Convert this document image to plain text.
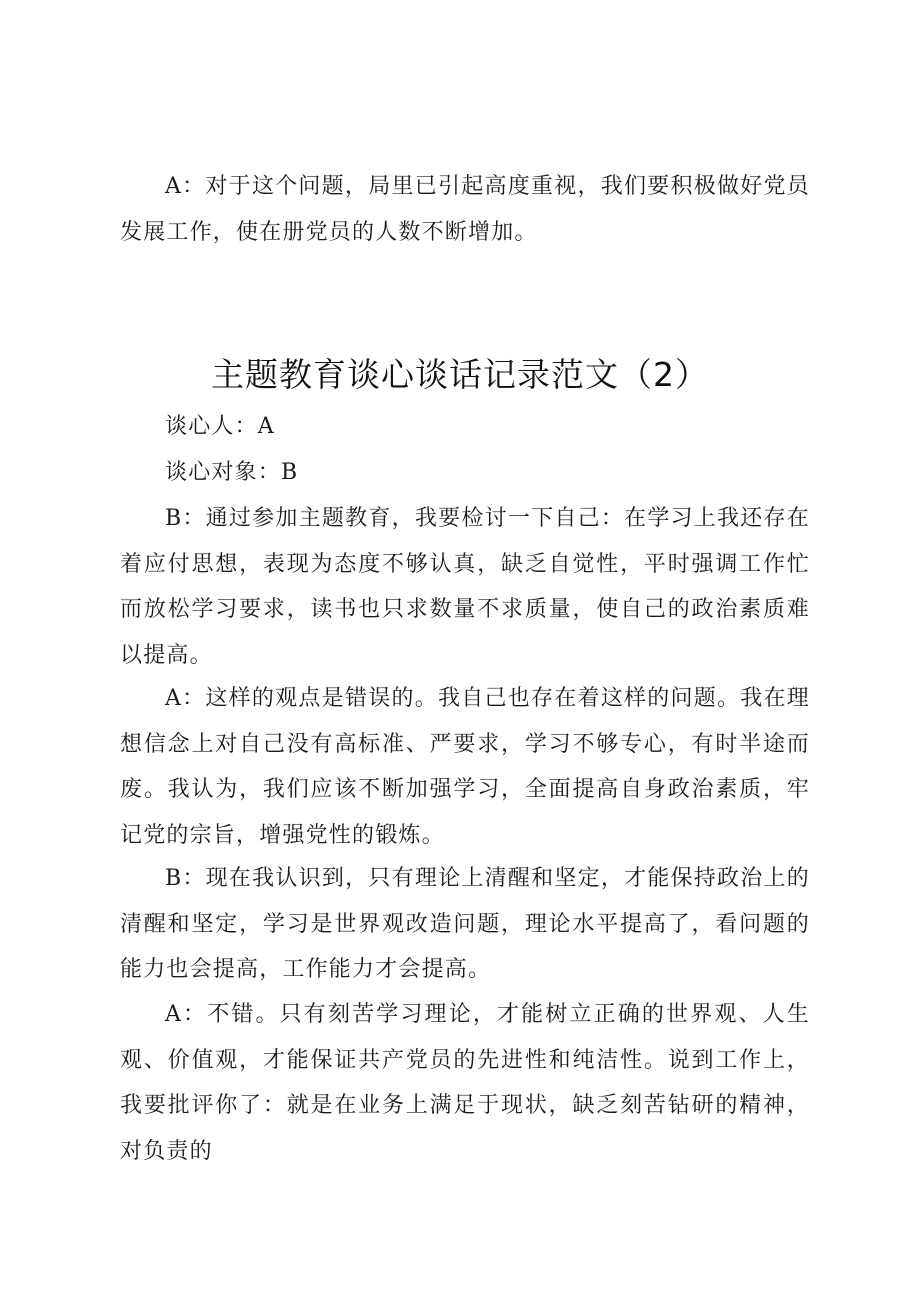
A：对于这个问题，局里已引起高度重视，我们要积极做好党员发展工作，使在册党员的人数不断增加。

主题教育谈心谈话记录范文（2）

谈心人：A

谈心对象：B

B：通过参加主题教育，我要检讨一下自己：在学习上我还存在着应付思想，表现为态度不够认真，缺乏自觉性，平时强调工作忙而放松学习要求，读书也只求数量不求质量，使自己的政治素质难以提高。

A：这样的观点是错误的。我自己也存在着这样的问题。我在理想信念上对自己没有高标准、严要求，学习不够专心，有时半途而废。我认为，我们应该不断加强学习，全面提高自身政治素质，牢记党的宗旨，增强党性的锻炼。

B：现在我认识到，只有理论上清醒和坚定，才能保持政治上的清醒和坚定，学习是世界观改造问题，理论水平提高了，看问题的能力也会提高，工作能力才会提高。

A：不错。只有刻苦学习理论，才能树立正确的世界观、人生观、价值观，才能保证共产党员的先进性和纯洁性。说到工作上，我要批评你了：就是在业务上满足于现状，缺乏刻苦钻研的精神，对负责的
